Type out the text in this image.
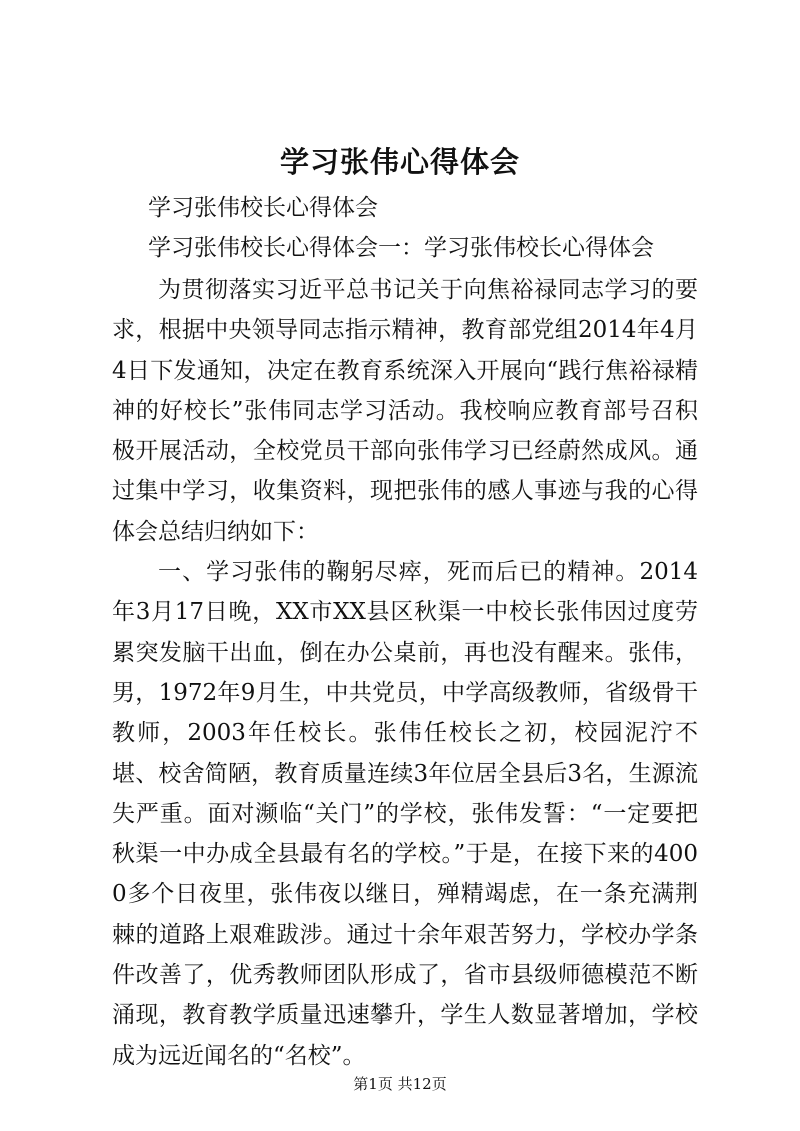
学习张伟心得体会
学习张伟校长心得体会
学习张伟校长心得体会一：学习张伟校长心得体会

为贯彻落实习近平总书记关于向焦裕禄同志学习的要求，根据中央领导同志指示精神，教育部党组2014年4月4日下发通知，决定在教育系统深入开展向“践行焦裕禄精神的好校长”张伟同志学习活动。我校响应教育部号召积极开展活动，全校党员干部向张伟学习已经蔚然成风。通过集中学习，收集资料，现把张伟的感人事迹与我的心得体会总结归纳如下：

一、学习张伟的鞠躬尽瘁，死而后已的精神。2014年3月17日晚，XX市XX县区秋渠一中校长张伟因过度劳累突发脑干出血，倒在办公桌前，再也没有醒来。张伟，男，1972年9月生，中共党员，中学高级教师，省级骨干教师，2003年任校长。张伟任校长之初，校园泥泞不堪、校舍简陋，教育质量连续3年位居全县后3名，生源流失严重。面对濒临“关门”的学校，张伟发誓：“一定要把秋渠一中办成全县最有名的学校。”于是，在接下来的4000多个日夜里，张伟夜以继日，殚精竭虑，在一条充满荆棘的道路上艰难跋涉。通过十余年艰苦努力，学校办学条件改善了，优秀教师团队形成了，省市县级师德模范不断涌现，教育教学质量迅速攀升，学生人数显著增加，学校成为远近闻名的“名校”。

第1页 共12页
